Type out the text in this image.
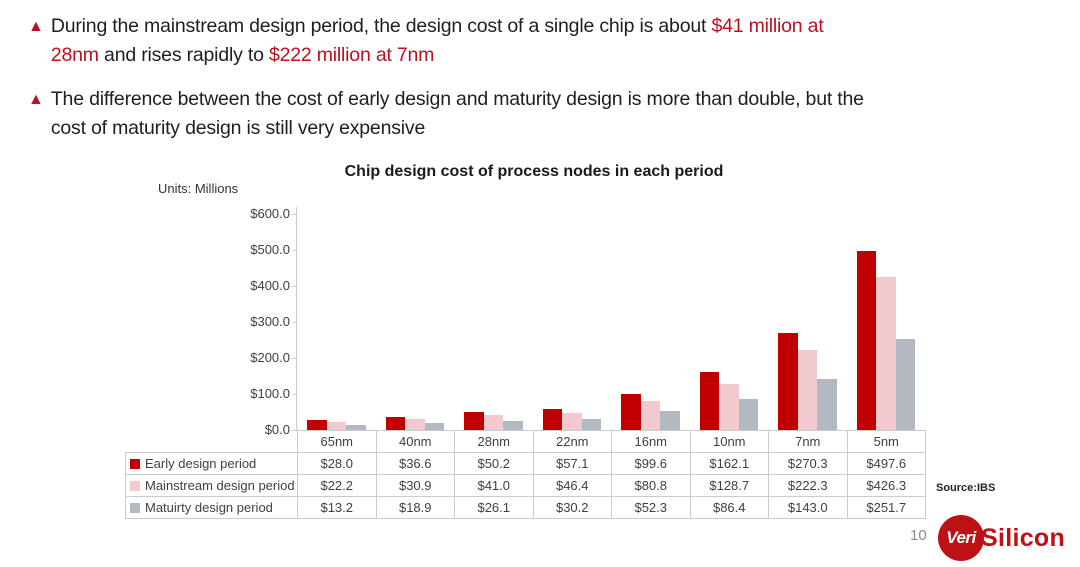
▲ During the mainstream design period, the design cost of a single chip is about $41 million at
28nm and rises rapidly to $222 million at 7nm
▲ The difference between the cost of early design and maturity design is more than double, but the
cost of maturity design is still very expensive
Chip design cost of process nodes in each period
Units: Millions
$600.0
$500.0
$400.0
$300.0
$200.0
$100.0
$0.0
	65nm	40nm	28nm	22nm	16nm	10nm	7nm	5nm
Early design period	$28.0	$36.6	$50.2	$57.1	$99.6	$162.1	$270.3	$497.6
Mainstream design period	$22.2	$30.9	$41.0	$46.4	$80.8	$128.7	$222.3	$426.3
Matuirty design period	$13.2	$18.9	$26.1	$30.2	$52.3	$86.4	$143.0	$251.7
Source:IBS
10 Veri Silicon
